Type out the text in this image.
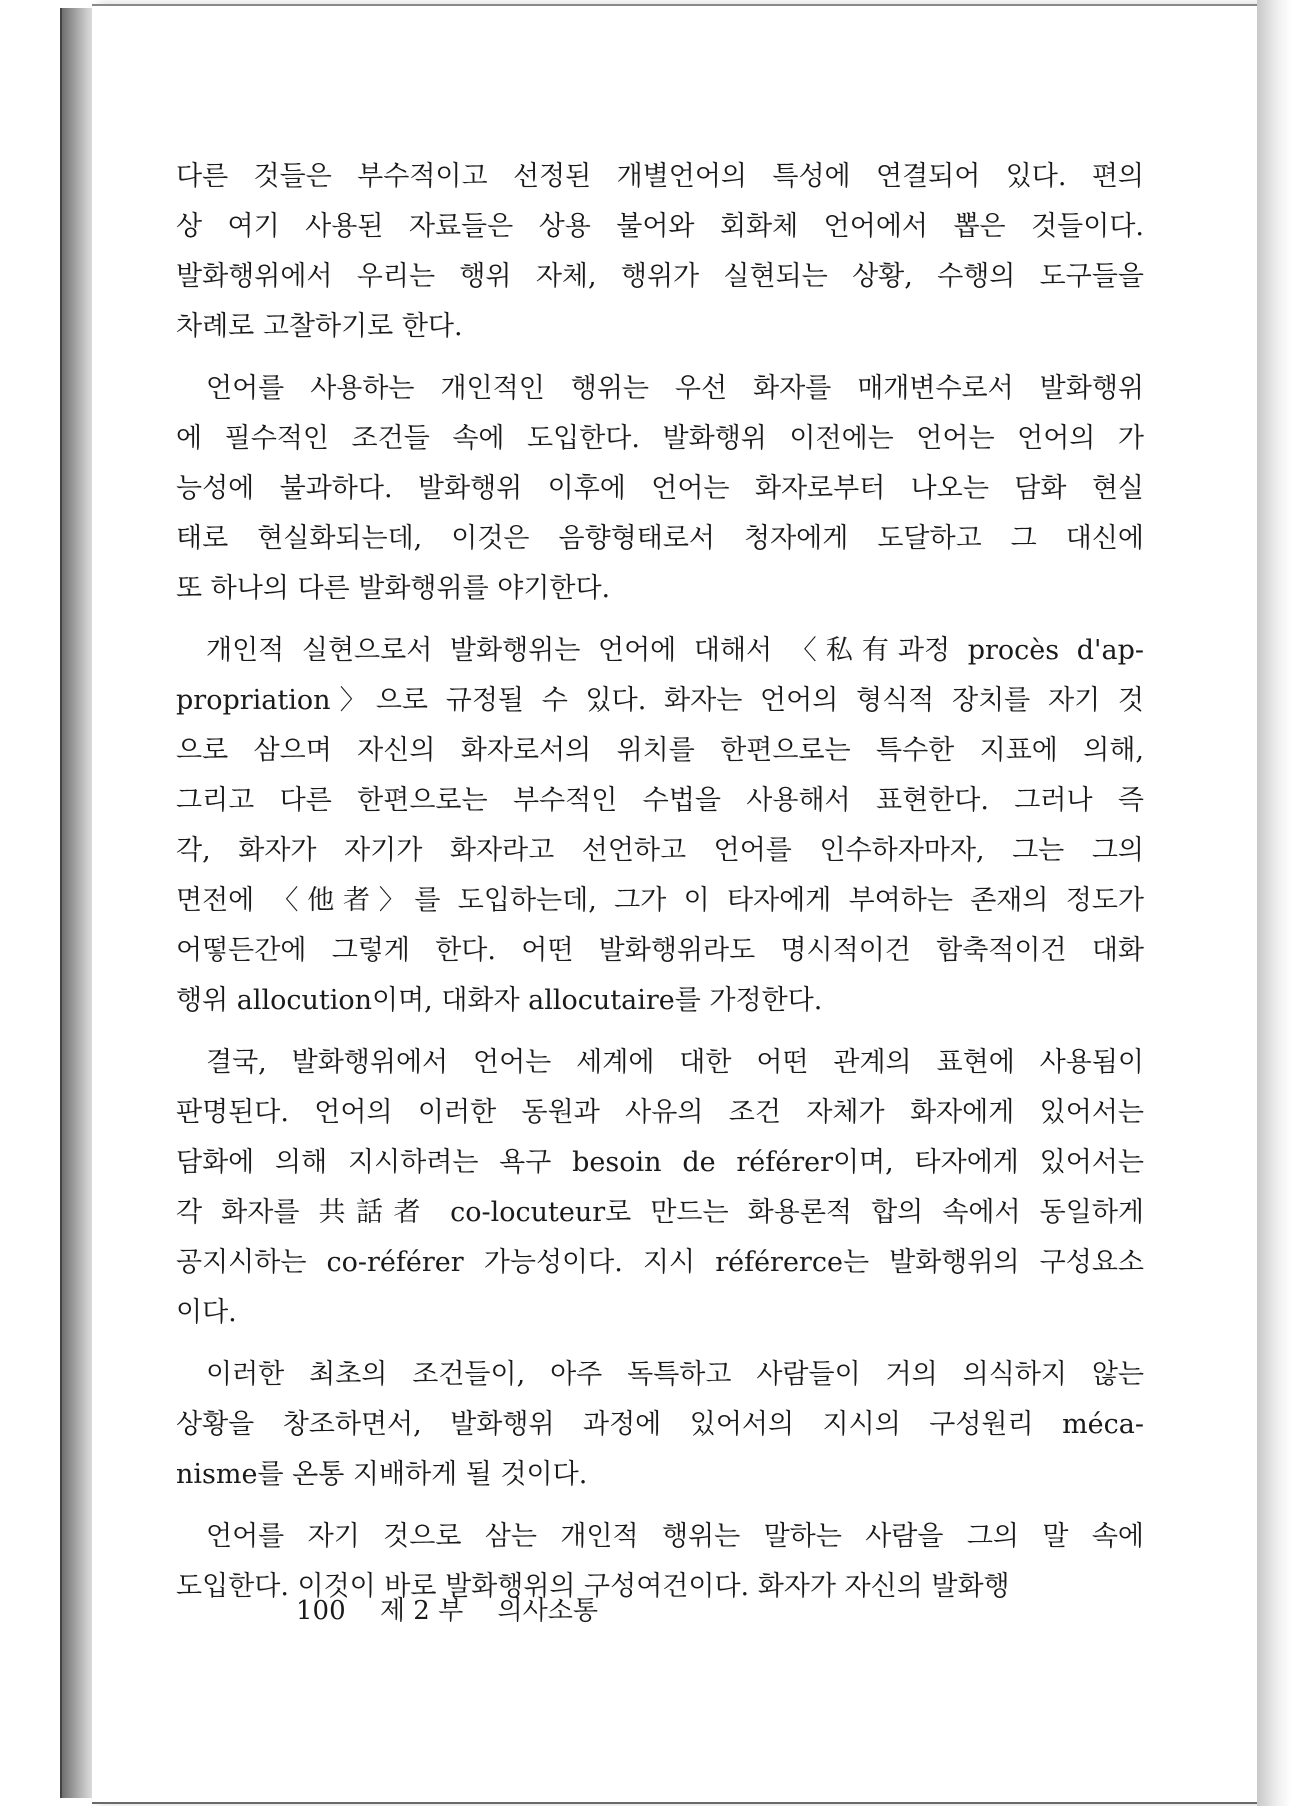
다른 것들은 부수적이고 선정된 개별언어의 특성에 연결되어 있다. 편의
상 여기 사용된 자료들은 상용 불어와 회화체 언어에서 뽑은 것들이다.
발화행위에서 우리는 행위 자체, 행위가 실현되는 상황, 수행의 도구들을
차례로 고찰하기로 한다.
언어를 사용하는 개인적인 행위는 우선 화자를 매개변수로서 발화행위
에 필수적인 조건들 속에 도입한다. 발화행위 이전에는 언어는 언어의 가
능성에 불과하다. 발화행위 이후에 언어는 화자로부터 나오는 담화 현실
태로 현실화되는데, 이것은 음향형태로서 청자에게 도달하고 그 대신에
또 하나의 다른 발화행위를 야기한다.
개인적 실현으로서 발화행위는 언어에 대해서 〈私有과정 procès d'ap-
propriation〉으로 규정될 수 있다. 화자는 언어의 형식적 장치를 자기 것
으로 삼으며 자신의 화자로서의 위치를 한편으로는 특수한 지표에 의해,
그리고 다른 한편으로는 부수적인 수법을 사용해서 표현한다. 그러나 즉
각, 화자가 자기가 화자라고 선언하고 언어를 인수하자마자, 그는 그의
면전에 〈他者〉를 도입하는데, 그가 이 타자에게 부여하는 존재의 정도가
어떻든간에 그렇게 한다. 어떤 발화행위라도 명시적이건 함축적이건 대화
행위 allocution이며, 대화자 allocutaire를 가정한다.
결국, 발화행위에서 언어는 세계에 대한 어떤 관계의 표현에 사용됨이
판명된다. 언어의 이러한 동원과 사유의 조건 자체가 화자에게 있어서는
담화에 의해 지시하려는 욕구 besoin de référer이며, 타자에게 있어서는
각 화자를 共話者 co-locuteur로 만드는 화용론적 합의 속에서 동일하게
공지시하는 co-référer 가능성이다. 지시 référerce는 발화행위의 구성요소
이다.
이러한 최초의 조건들이, 아주 독특하고 사람들이 거의 의식하지 않는
상황을 창조하면서, 발화행위 과정에 있어서의 지시의 구성원리 méca-
nisme를 온통 지배하게 될 것이다.
언어를 자기 것으로 삼는 개인적 행위는 말하는 사람을 그의 말 속에
도입한다. 이것이 바로 발화행위의 구성여건이다. 화자가 자신의 발화행
100 제 2 부 의사소통
